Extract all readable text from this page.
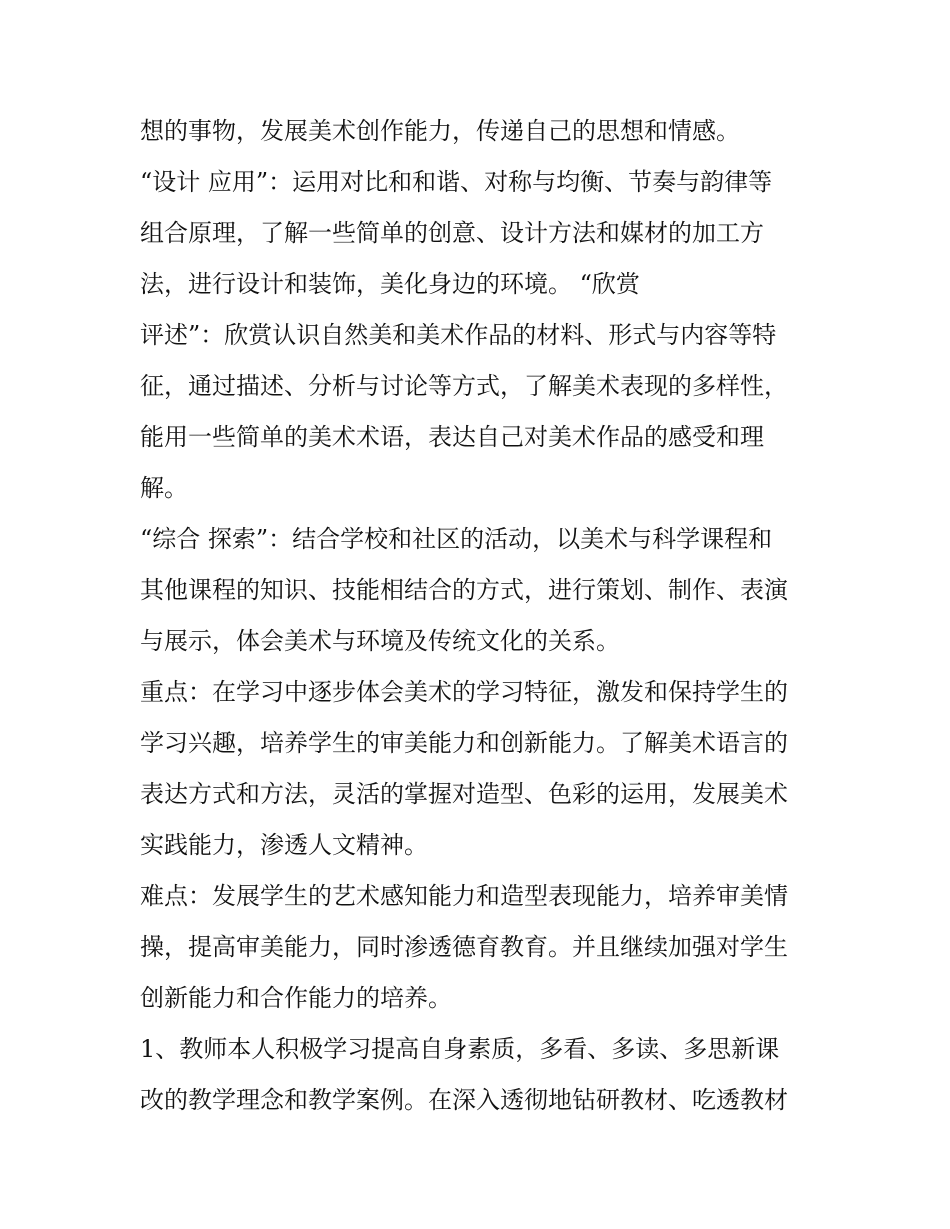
想的事物，发展美术创作能力，传递自己的思想和情感。
“设计 应用”：运用对比和和谐、对称与均衡、节奏与韵律等
组合原理，了解一些简单的创意、设计方法和媒材的加工方
法，进行设计和装饰，美化身边的环境。 “欣赏
评述”：欣赏认识自然美和美术作品的材料、形式与内容等特
征，通过描述、分析与讨论等方式，了解美术表现的多样性，
能用一些简单的美术术语，表达自己对美术作品的感受和理
解。
“综合 探索”：结合学校和社区的活动，以美术与科学课程和
其他课程的知识、技能相结合的方式，进行策划、制作、表演
与展示，体会美术与环境及传统文化的关系。
重点：在学习中逐步体会美术的学习特征，激发和保持学生的
学习兴趣，培养学生的审美能力和创新能力。了解美术语言的
表达方式和方法，灵活的掌握对造型、色彩的运用，发展美术
实践能力，渗透人文精神。
难点：发展学生的艺术感知能力和造型表现能力，培养审美情
操，提高审美能力，同时渗透德育教育。并且继续加强对学生
创新能力和合作能力的培养。
1、教师本人积极学习提高自身素质，多看、多读、多思新课
改的教学理念和教学案例。在深入透彻地钻研教材、吃透教材
